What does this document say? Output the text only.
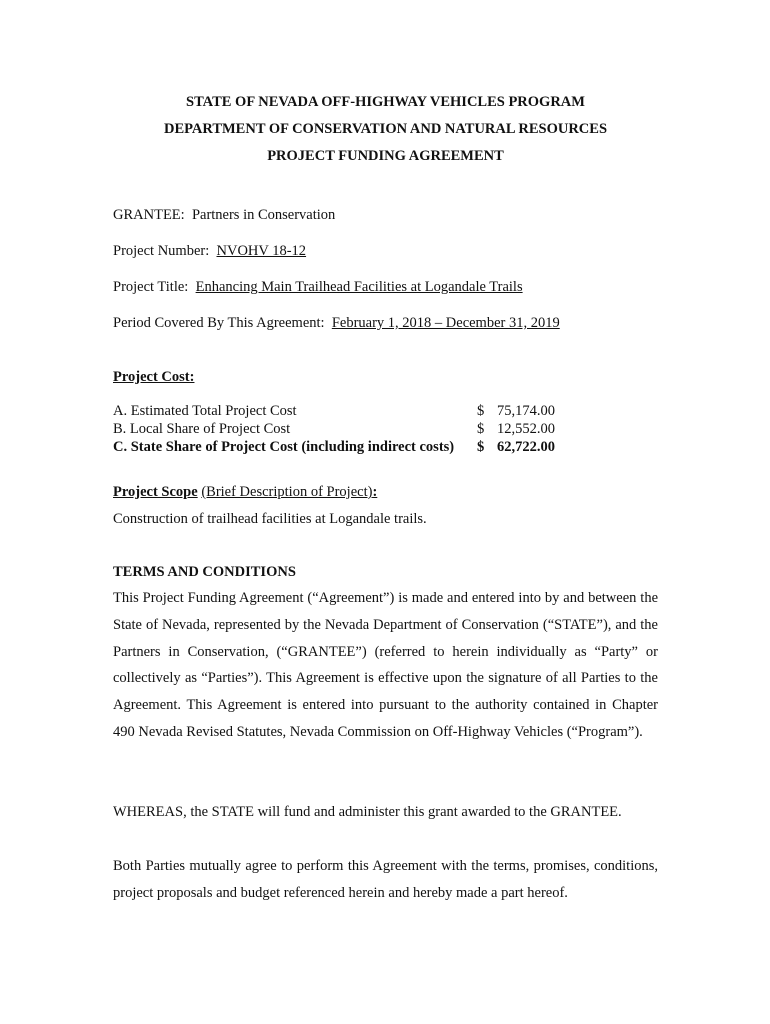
STATE OF NEVADA OFF-HIGHWAY VEHICLES PROGRAM
DEPARTMENT OF CONSERVATION AND NATURAL RESOURCES
PROJECT FUNDING AGREEMENT
GRANTEE: Partners in Conservation
Project Number: NVOHV 18-12
Project Title: Enhancing Main Trailhead Facilities at Logandale Trails
Period Covered By This Agreement: February 1, 2018 – December 31, 2019
Project Cost:
A. Estimated Total Project Cost	$ 75,174.00
B. Local Share of Project Cost	$ 12,552.00
C. State Share of Project Cost (including indirect costs) $ 62,722.00
Project Scope (Brief Description of Project):
Construction of trailhead facilities at Logandale trails.
TERMS AND CONDITIONS
This Project Funding Agreement (“Agreement”) is made and entered into by and between the State of Nevada, represented by the Nevada Department of Conservation (“STATE”), and the Partners in Conservation, (“GRANTEE”) (referred to herein individually as “Party” or collectively as “Parties”). This Agreement is effective upon the signature of all Parties to the Agreement. This Agreement is entered into pursuant to the authority contained in Chapter 490 Nevada Revised Statutes, Nevada Commission on Off-Highway Vehicles (“Program”).
WHEREAS, the STATE will fund and administer this grant awarded to the GRANTEE.
Both Parties mutually agree to perform this Agreement with the terms, promises, conditions, project proposals and budget referenced herein and hereby made a part hereof.
